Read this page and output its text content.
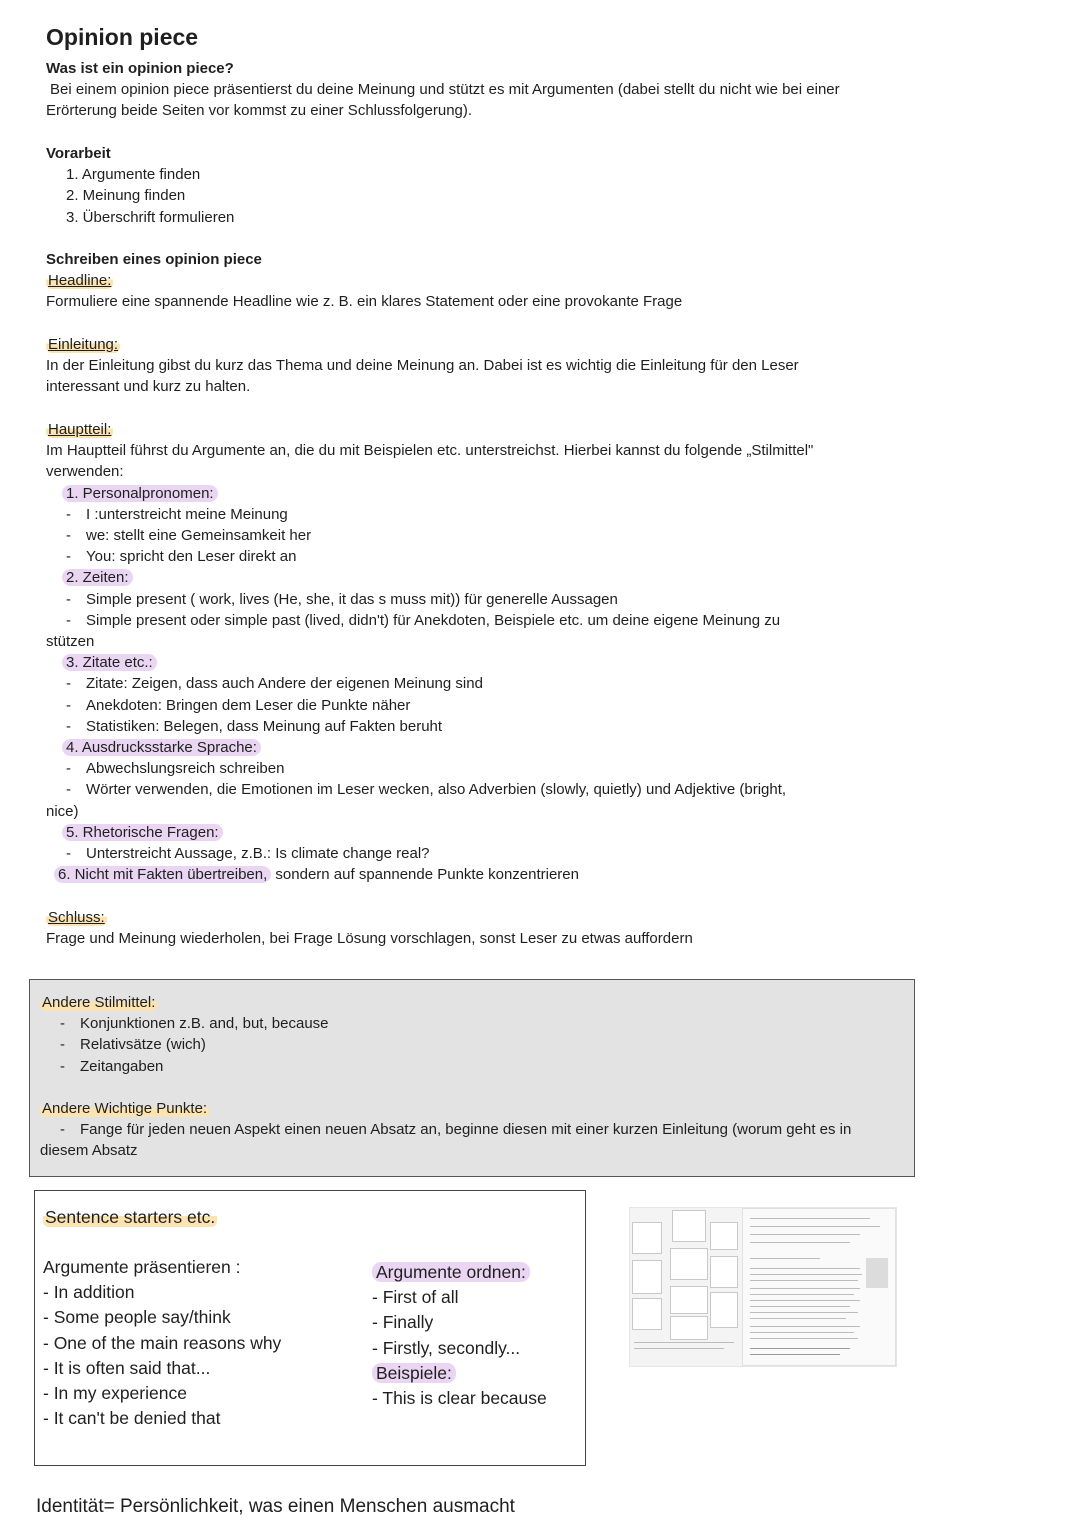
Opinion piece
Was ist ein opinion piece?
Bei einem opinion piece präsentierst du deine Meinung und stützt es mit Argumenten (dabei stellt du nicht wie bei einer Erörterung beide Seiten vor kommst zu einer Schlussfolgerung).
Vorarbeit
1. Argumente finden
2. Meinung finden
3. Überschrift formulieren
Schreiben eines opinion piece
Headline:
Formuliere eine spannende Headline wie z. B. ein klares Statement oder eine provokante Frage
Einleitung:
In der Einleitung gibst du kurz das Thema und deine Meinung an. Dabei ist es wichtig die Einleitung für den Leser interessant und kurz zu halten.
Hauptteil:
Im Hauptteil führst du Argumente an, die du mit Beispielen etc. unterstreichst. Hierbei kannst du folgende „Stilmittel" verwenden:
1. Personalpronomen:
- I :unterstreicht meine Meinung
- we: stellt eine Gemeinsamkeit her
- You: spricht den Leser direkt an
2. Zeiten:
- Simple present ( work, lives (He, she, it das s muss mit)) für generelle Aussagen
- Simple present oder simple past (lived, didn't) für Anekdoten, Beispiele etc. um deine eigene Meinung zu
stützen
3. Zitate etc.:
- Zitate: Zeigen, dass auch Andere der eigenen Meinung sind
- Anekdoten: Bringen dem Leser die Punkte näher
- Statistiken: Belegen, dass Meinung auf Fakten beruht
4. Ausdrucksstarke Sprache:
- Abwechslungsreich schreiben
- Wörter verwenden, die Emotionen im Leser wecken, also Adverbien (slowly, quietly) und Adjektive (bright,
nice)
5. Rhetorische Fragen:
- Unterstreicht Aussage, z.B.: Is climate change real?
6. Nicht mit Fakten übertreiben, sondern auf spannende Punkte konzentrieren
Schluss:
Frage und Meinung wiederholen, bei Frage Lösung vorschlagen, sonst Leser zu etwas auffordern
Andere Stilmittel:
- Konjunktionen z.B. and, but, because
- Relativsätze (wich)
- Zeitangaben
Andere Wichtige Punkte:
- Fange für jeden neuen Aspekt einen neuen Absatz an, beginne diesen mit einer kurzen Einleitung (worum geht es in
diesem Absatz
Sentence starters etc.
Argumente präsentieren :
- In addition
- Some people say/think
- One of the main reasons why
- It is often said that...
- In my experience
- It can't be denied that
Argumente ordnen:
- First of all
- Finally
- Firstly, secondly...
Beispiele:
- This is clear because
Identität= Persönlichkeit, was einen Menschen ausmacht
